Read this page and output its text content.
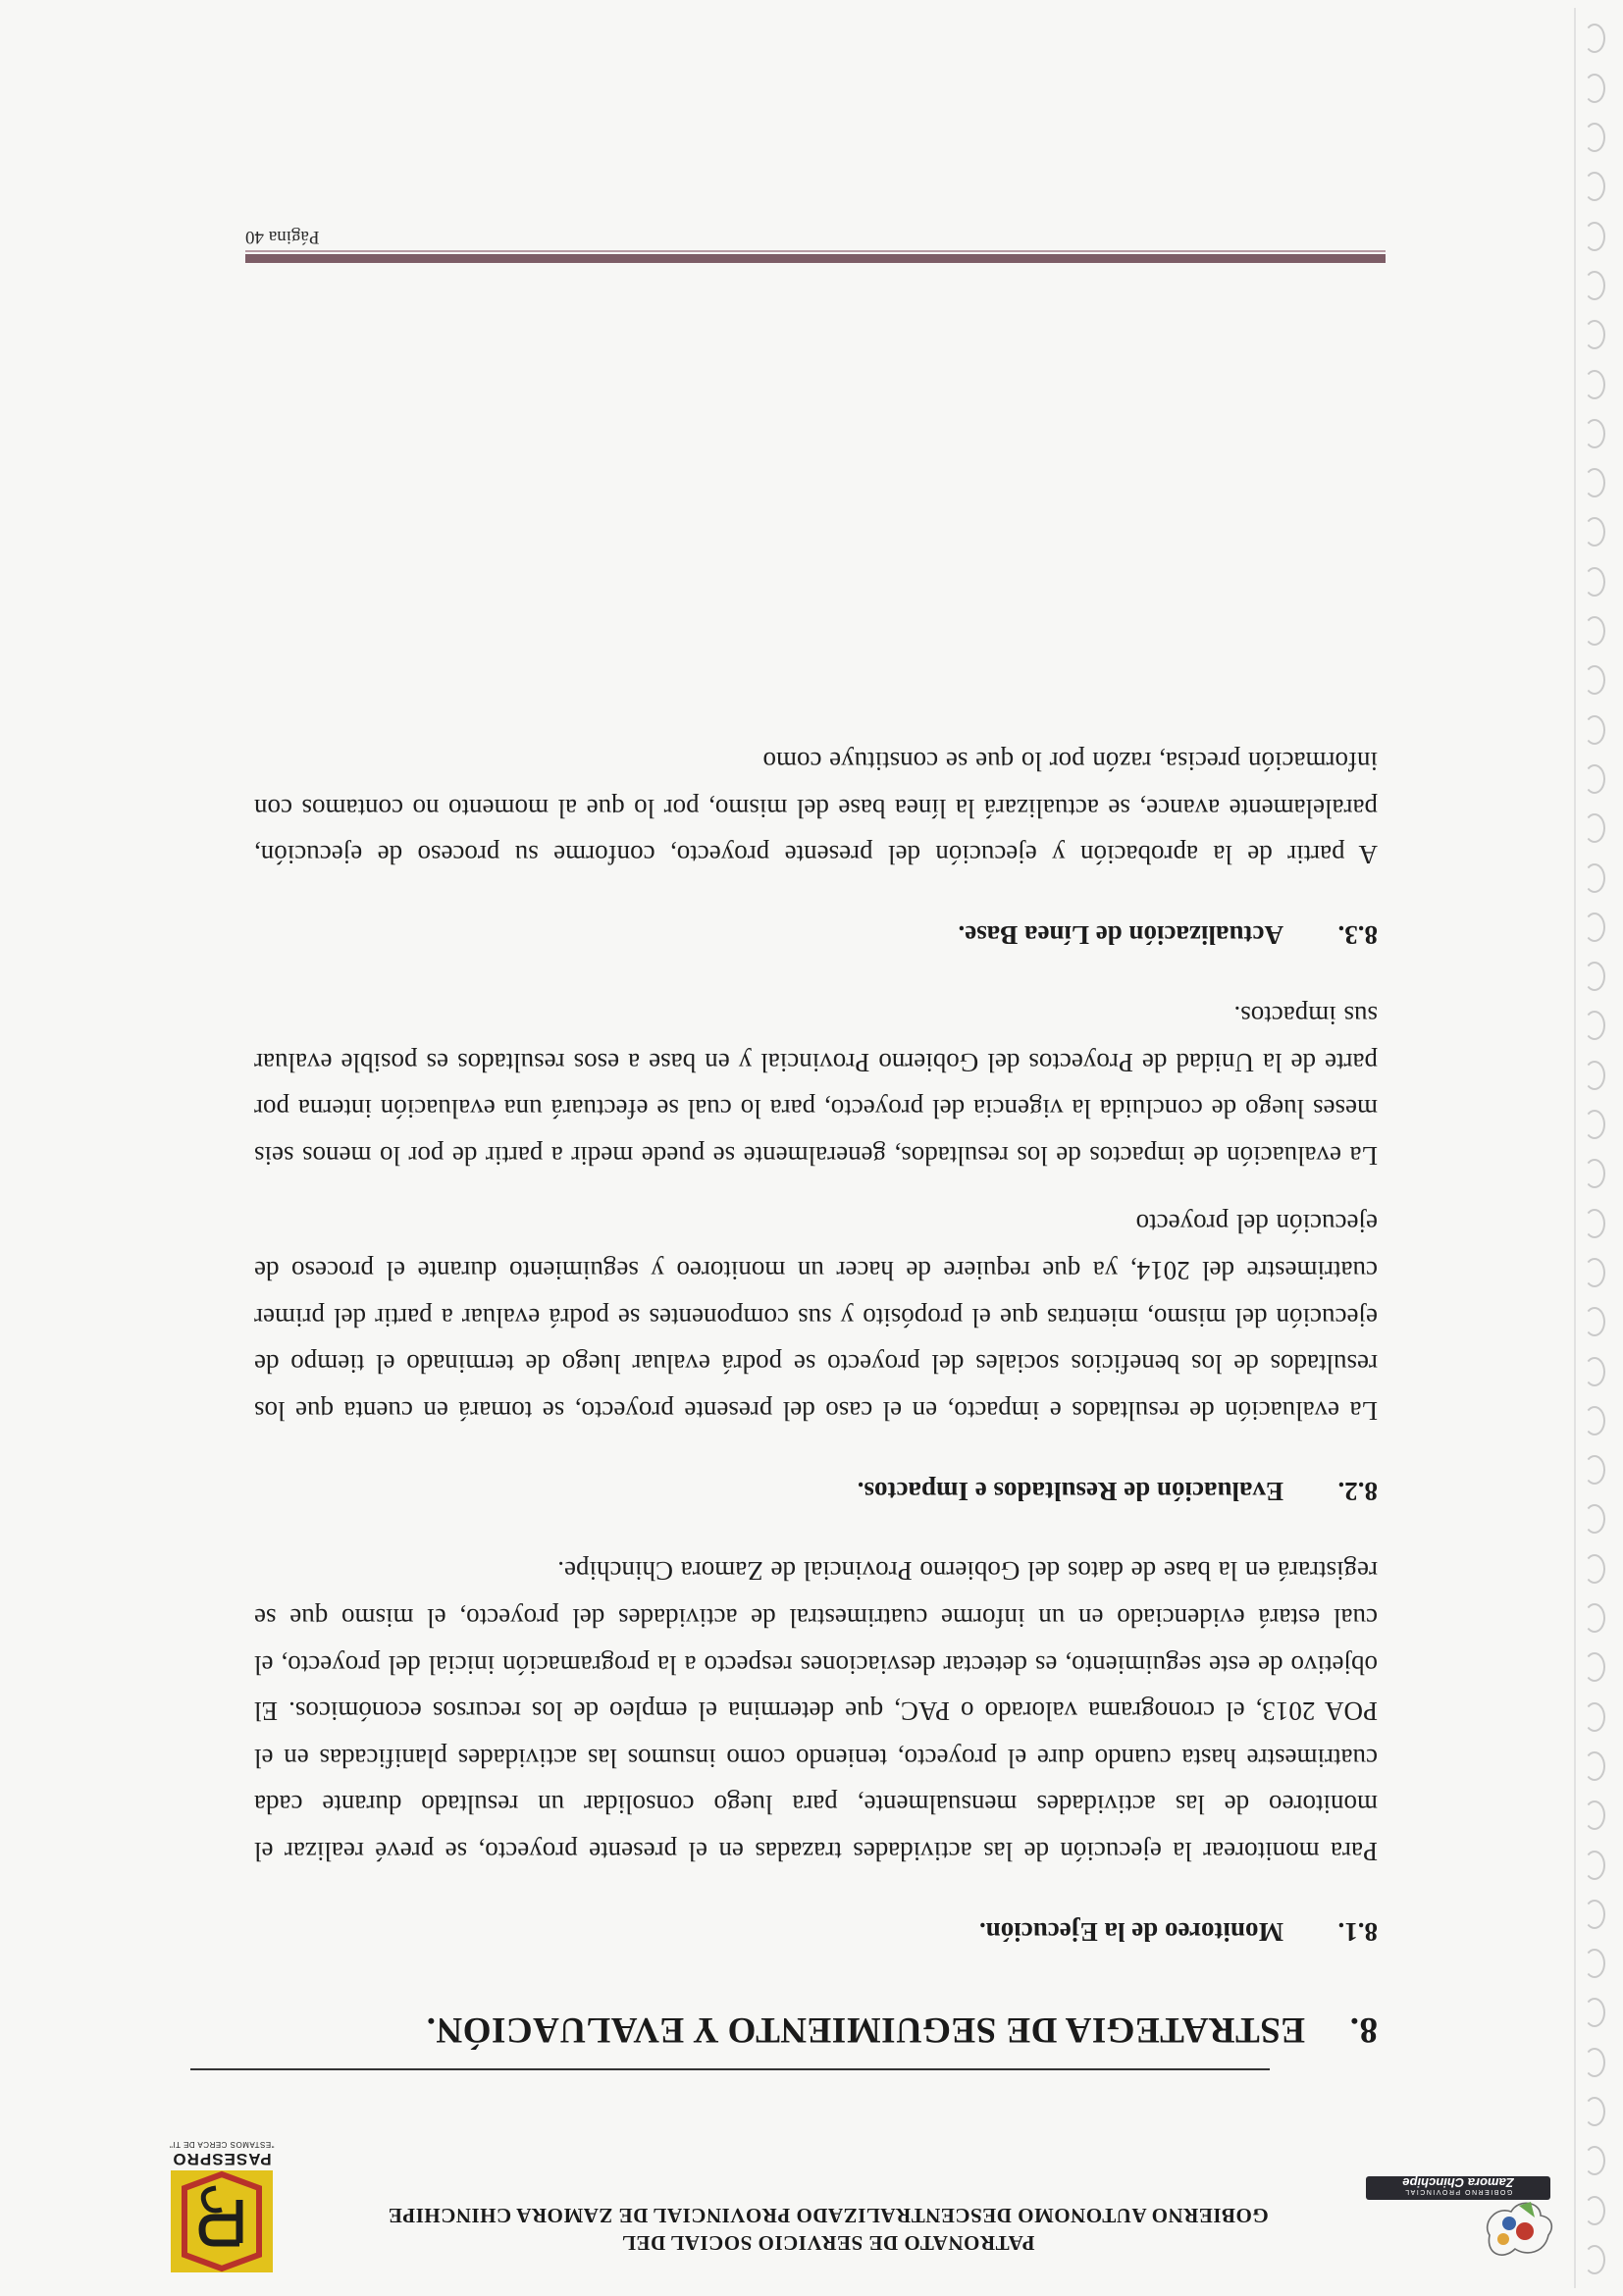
GOBIERNO PROVINCIAL
Zamora Chinchipe
PATRONATO DE SERVICIO SOCIAL DEL
GOBIERNO AUTONOMO DESCENTRALIZADO PROVINCIAL DE ZAMORA CHINCHIPE
PASESPRO
"ESTAMOS CERCA DE TI"
8.ESTRATEGIA DE SEGUIMIENTO Y EVALUACIÓN.
8.1.Monitoreo de la Ejecución.

Para monitorear la ejecución de las actividades trazadas en el presente proyecto, se prevé realizar el monitoreo de las actividades mensualmente, para luego consolidar un resultado durante cada cuatrimestre hasta cuando dure el proyecto, teniendo como insumos las actividades planificadas en el POA 2013, el cronograma valorado o PAC, que determina el empleo de los recursos económicos. El objetivo de este seguimiento, es detectar desviaciones respecto a la programación inicial del proyecto, el cual estará evidenciado en un informe cuatrimestral de actividades del proyecto, el mismo que se registrará en la base de datos del Gobierno Provincial de Zamora Chinchipe.

8.2.Evaluación de Resultados e Impactos.

La evaluación de resultados e impacto, en el caso del presente proyecto, se tomará en cuenta que los resultados de los beneficios sociales del proyecto se podrá evaluar luego de terminado el tiempo de ejecución del mismo, mientras que el propósito y sus componentes se podrá evaluar a partir del primer cuatrimestre del 2014, ya que requiere de hacer un monitoreo y seguimiento durante el proceso de ejecución del proyecto

La evaluación de impactos de los resultados, generalmente se puede medir a partir de por lo menos seis meses luego de concluida la vigencia del proyecto, para lo cual se efectuará una evaluación interna por parte de la Unidad de Proyectos del Gobierno Provincial y en base a esos resultados es posible evaluar sus impactos.

8.3.Actualización de Línea Base.

A partir de la aprobación y ejecución del presente proyecto, conforme su proceso de ejecución, paralelamente avance, se actualizará la línea base del mismo, por lo que al momento no contamos con información precisa, razón por lo que se constituye como

Página 40
